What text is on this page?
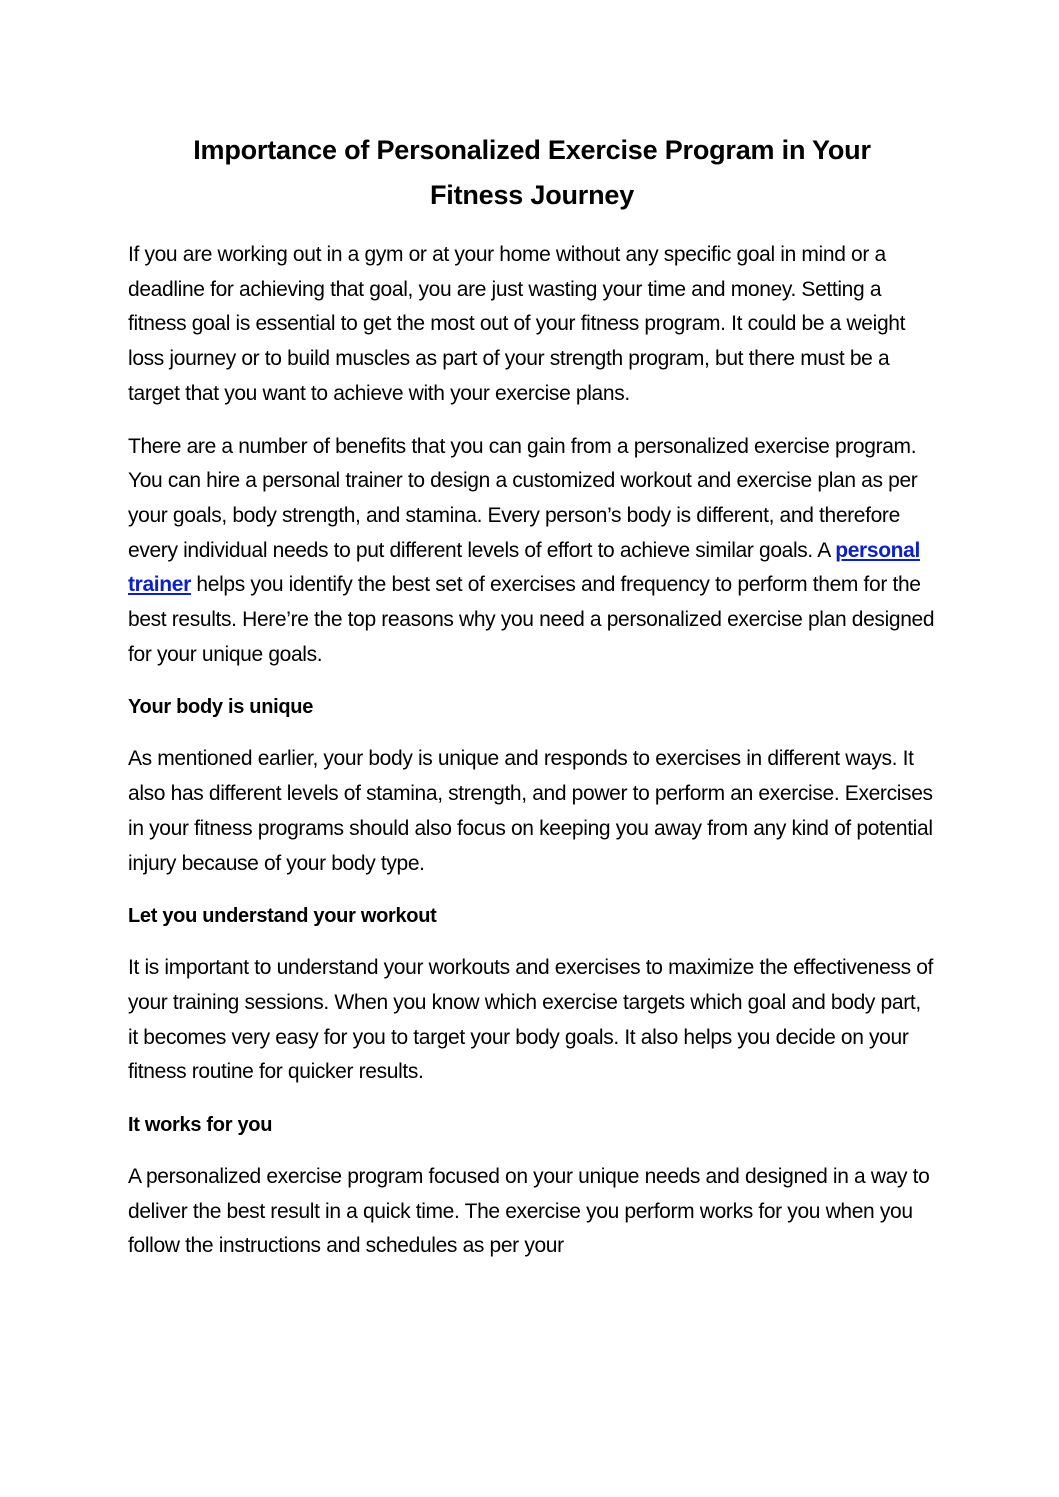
Importance of Personalized Exercise Program in Your
Fitness Journey

If you are working out in a gym or at your home without any specific goal in mind or a deadline for achieving that goal, you are just wasting your time and money. Setting a fitness goal is essential to get the most out of your fitness program. It could be a weight loss journey or to build muscles as part of your strength program, but there must be a target that you want to achieve with your exercise plans.

There are a number of benefits that you can gain from a personalized exercise program. You can hire a personal trainer to design a customized workout and exercise plan as per your goals, body strength, and stamina. Every person’s body is different, and therefore every individual needs to put different levels of effort to achieve similar goals. A personal trainer helps you identify the best set of exercises and frequency to perform them for the best results. Here’re the top reasons why you need a personalized exercise plan designed for your unique goals.

Your body is unique

As mentioned earlier, your body is unique and responds to exercises in different ways. It also has different levels of stamina, strength, and power to perform an exercise. Exercises in your fitness programs should also focus on keeping you away from any kind of potential injury because of your body type.

Let you understand your workout

It is important to understand your workouts and exercises to maximize the effectiveness of your training sessions. When you know which exercise targets which goal and body part, it becomes very easy for you to target your body goals. It also helps you decide on your fitness routine for quicker results.

It works for you

A personalized exercise program focused on your unique needs and designed in a way to deliver the best result in a quick time. The exercise you perform works for you when you follow the instructions and schedules as per your
